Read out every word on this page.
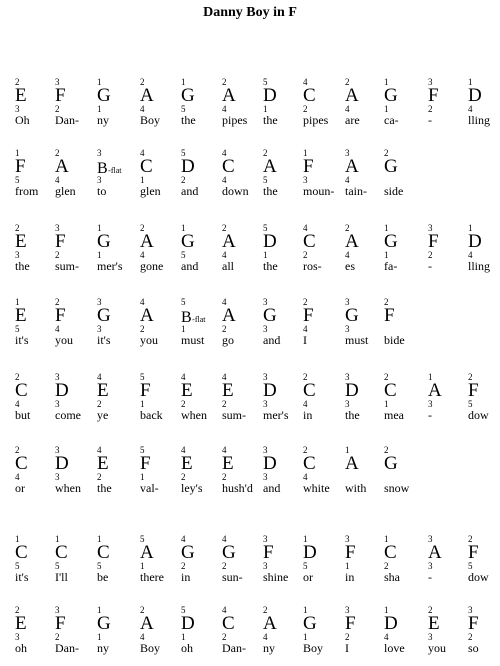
Danny Boy in F
2
E
3
Oh
3
F
2
Dan-
1
G
1
ny
2
A
4
Boy
1
G
5
the
2
A
4
pipes
5
D
1
the
4
C
2
pipes
2
A
4
are
1
G
1
ca-
3
F
2
-
1
D
4
lling
1
F
5
from
2
A
4
glen
3
B-flat
3
to
4
C
1
glen
5
D
2
and
4
C
4
down
2
A
5
the
1
F
3
moun-
3
A
4
tain-
2
G
side
2
E
3
the
3
F
2
sum-
1
G
1
mer's
2
A
4
gone
1
G
5
and
2
A
4
all
5
D
1
the
4
C
2
ros-
2
A
4
es
1
G
1
fa-
3
F
2
-
1
D
4
lling
1
E
5
it's
2
F
4
you
3
G
3
it's
4
A
2
you
5
B-flat
1
must
4
A
2
go
3
G
3
and
2
F
4
I
3
G
3
must
2
F
bide
2
C
4
but
3
D
3
come
4
E
2
ye
5
F
1
back
4
E
2
when
4
E
2
sum-
3
D
3
mer's
2
C
4
in
3
D
3
the
2
C
1
mea
1
A
3
-
2
F
5
dow
2
C
4
or
3
D
3
when
4
E
2
the
5
F
1
val-
4
E
2
ley's
4
E
2
hush'd
3
D
3
and
2
C
4
white
1
A
with
2
G
snow
1
C
5
it's
1
C
5
I'll
1
C
5
be
5
A
1
there
4
G
2
in
4
G
2
sun-
3
F
3
shine
1
D
5
or
3
F
1
in
1
C
2
sha
3
A
3
-
2
F
5
dow
2
E
3
oh
3
F
2
Dan-
1
G
1
ny
2
A
4
Boy
5
D
1
oh
4
C
2
Dan-
2
A
4
ny
1
G
1
Boy
3
F
2
I
1
D
4
love
2
E
3
you
3
F
2
so
